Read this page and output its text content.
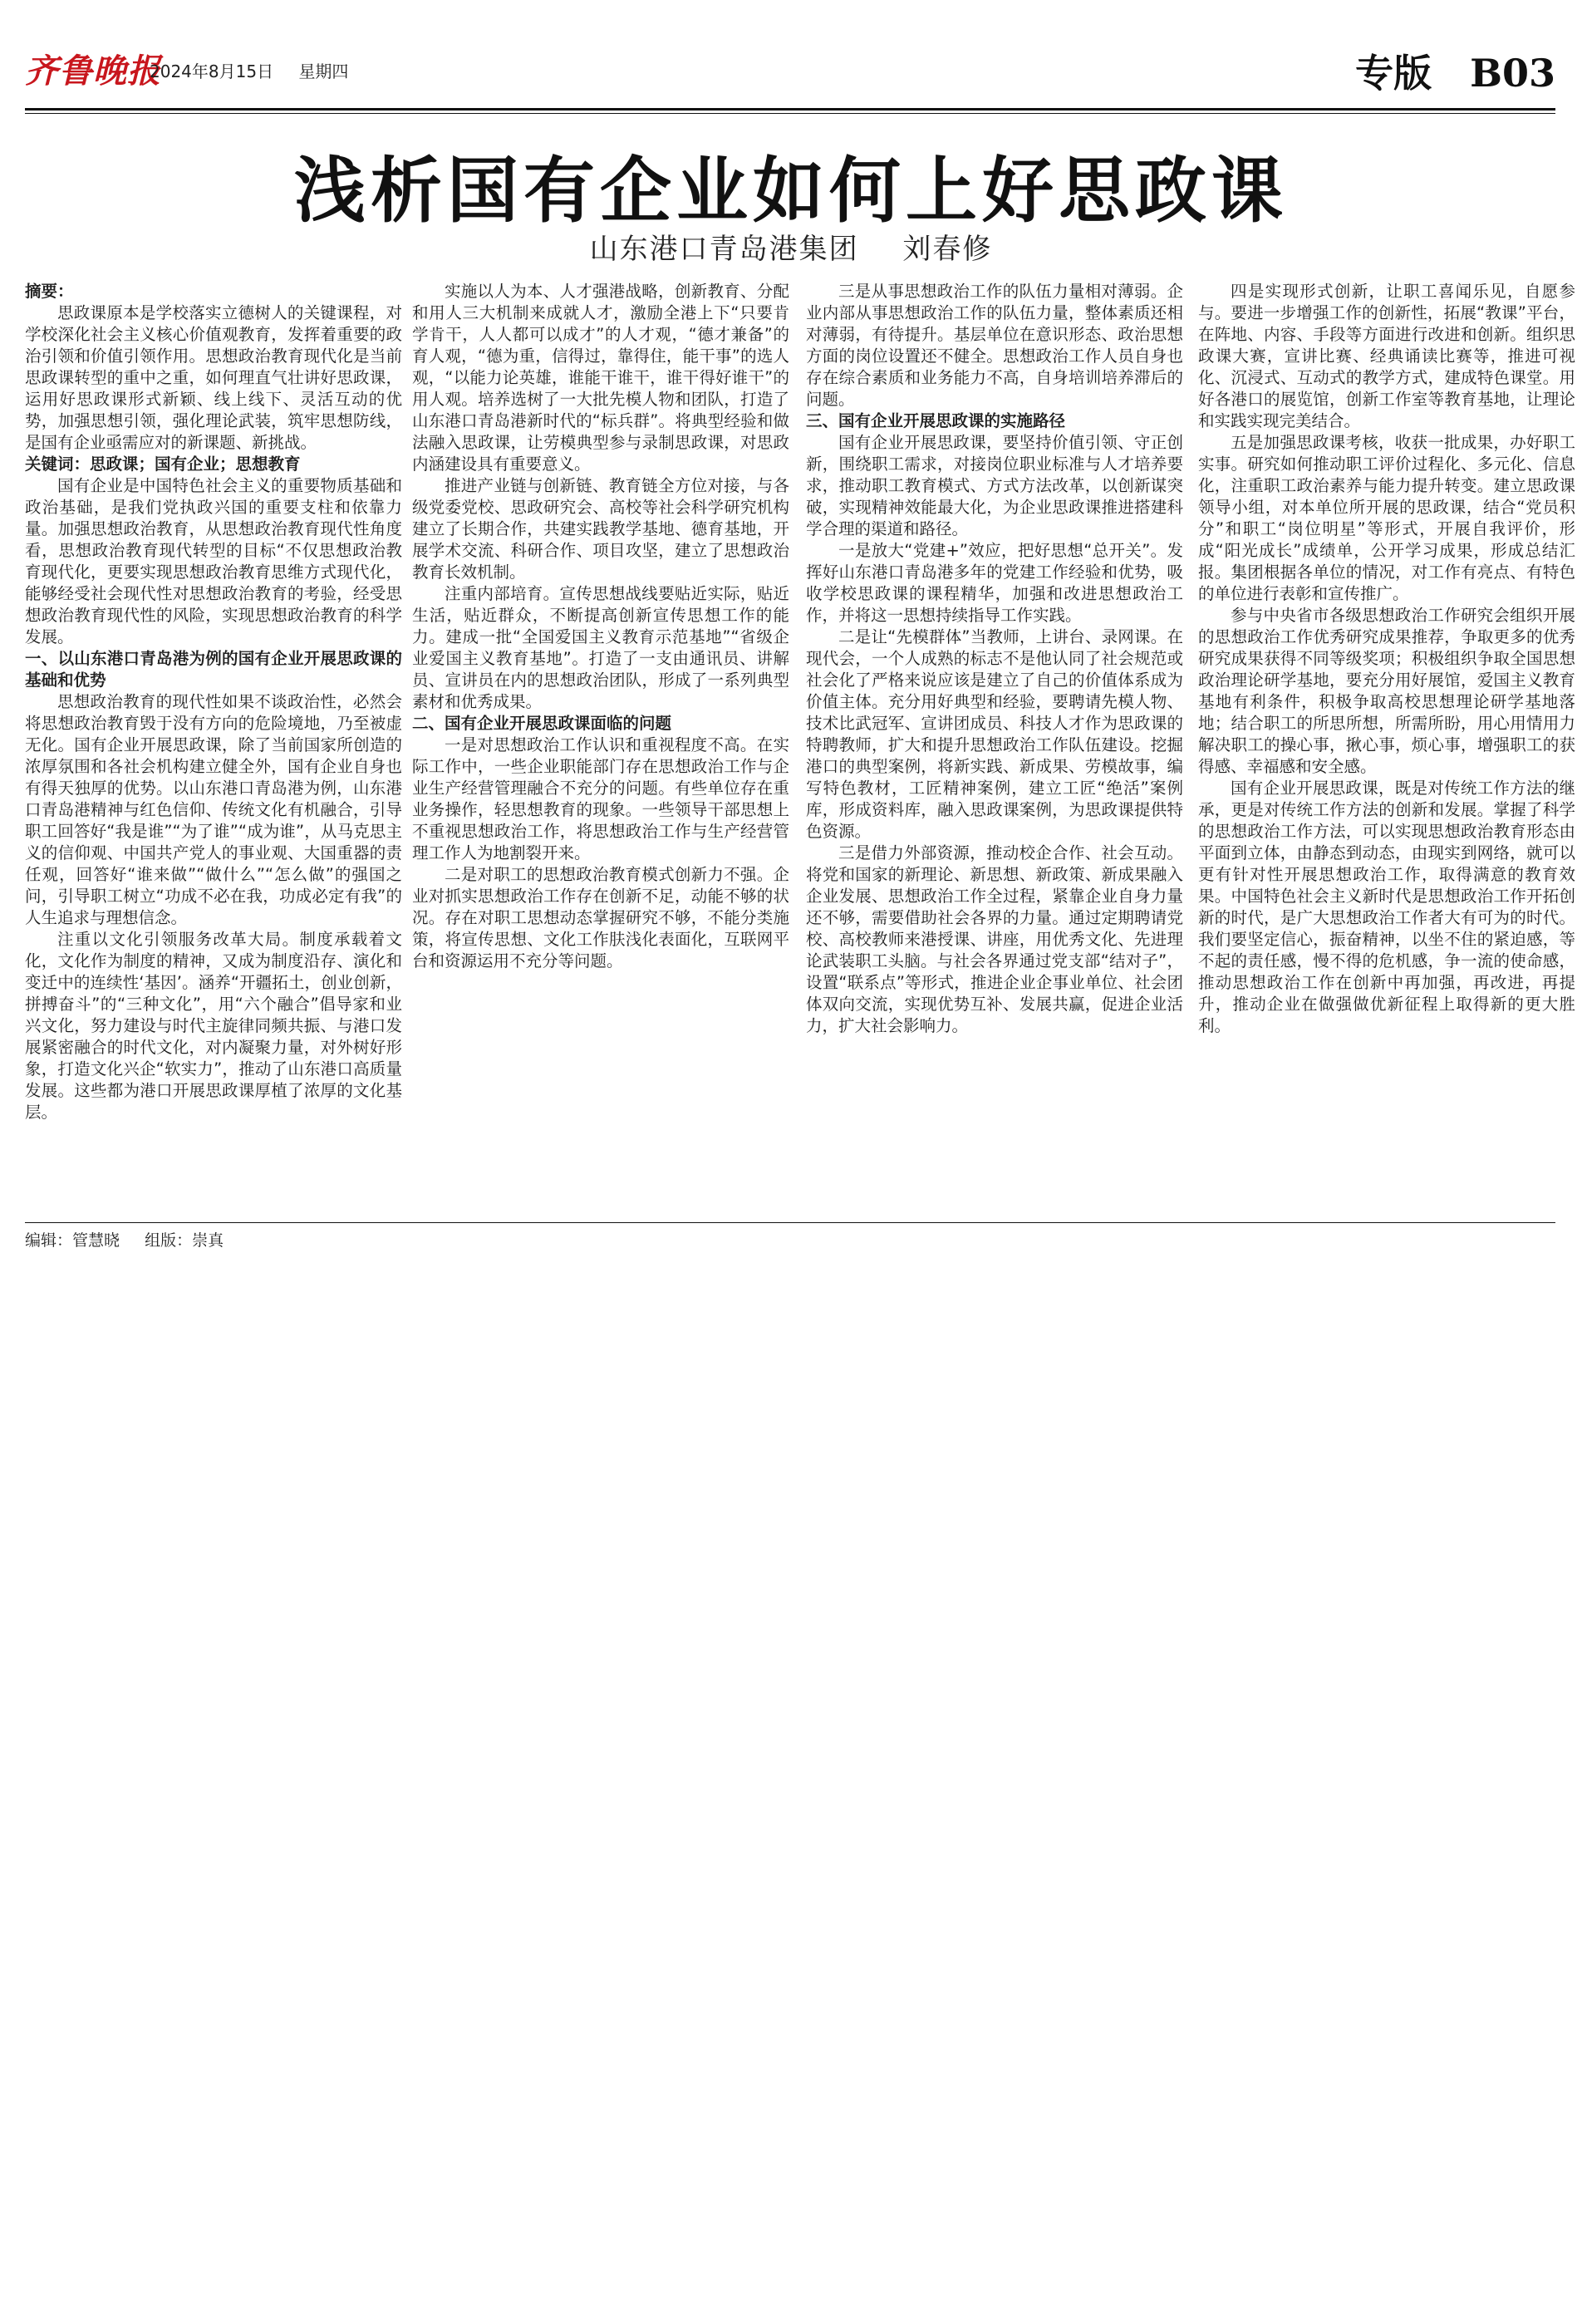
齐鲁晚报
2024年8月15日 星期四	专版 B03
浅析国有企业如何上好思政课
山东港口青岛港集团 刘春修

摘要：

思政课原本是学校落实立德树人的关键课程，对学校深化社会主义核心价值观教育，发挥着重要的政治引领和价值引领作用。思想政治教育现代化是当前思政课转型的重中之重，如何理直气壮讲好思政课，运用好思政课形式新颖、线上线下、灵活互动的优势，加强思想引领，强化理论武装，筑牢思想防线，是国有企业亟需应对的新课题、新挑战。

关键词：思政课；国有企业；思想教育

国有企业是中国特色社会主义的重要物质基础和政治基础，是我们党执政兴国的重要支柱和依靠力量。加强思想政治教育，从思想政治教育现代性角度看，思想政治教育现代转型的目标“不仅思想政治教育现代化，更要实现思想政治教育思维方式现代化，能够经受社会现代性对思想政治教育的考验，经受思想政治教育现代性的风险，实现思想政治教育的科学发展。

一、以山东港口青岛港为例的国有企业开展思政课的基础和优势

思想政治教育的现代性如果不谈政治性，必然会将思想政治教育毁于没有方向的危险境地，乃至被虚无化。国有企业开展思政课，除了当前国家所创造的浓厚氛围和各社会机构建立健全外，国有企业自身也有得天独厚的优势。以山东港口青岛港为例，山东港口青岛港精神与红色信仰、传统文化有机融合，引导职工回答好“我是谁”“为了谁”“成为谁”，从马克思主义的信仰观、中国共产党人的事业观、大国重器的责任观，回答好“谁来做”“做什么”“怎么做”的强国之问，引导职工树立“功成不必在我，功成必定有我”的人生追求与理想信念。

注重以文化引领服务改革大局。制度承载着文化，文化作为制度的精神，又成为制度沿存、演化和变迁中的连续性‘基因’。涵养“开疆拓土，创业创新，拼搏奋斗”的“三种文化”，用“六个融合”倡导家和业兴文化，努力建设与时代主旋律同频共振、与港口发展紧密融合的时代文化，对内凝聚力量，对外树好形象，打造文化兴企“软实力”，推动了山东港口高质量发展。这些都为港口开展思政课厚植了浓厚的文化基层。

实施以人为本、人才强港战略，创新教育、分配和用人三大机制来成就人才，激励全港上下“只要肯学肯干，人人都可以成才”的人才观，“德才兼备”的育人观，“德为重，信得过，靠得住，能干事”的选人观，“以能力论英雄，谁能干谁干，谁干得好谁干”的用人观。培养选树了一大批先模人物和团队，打造了山东港口青岛港新时代的“标兵群”。将典型经验和做法融入思政课，让劳模典型参与录制思政课，对思政内涵建设具有重要意义。

推进产业链与创新链、教育链全方位对接，与各级党委党校、思政研究会、高校等社会科学研究机构建立了长期合作，共建实践教学基地、德育基地，开展学术交流、科研合作、项目攻坚，建立了思想政治教育长效机制。

注重内部培育。宣传思想战线要贴近实际，贴近生活，贴近群众，不断提高创新宣传思想工作的能力。建成一批“全国爱国主义教育示范基地”“省级企业爱国主义教育基地”。打造了一支由通讯员、讲解员、宣讲员在内的思想政治团队，形成了一系列典型素材和优秀成果。

二、国有企业开展思政课面临的问题

一是对思想政治工作认识和重视程度不高。在实际工作中，一些企业职能部门存在思想政治工作与企业生产经营管理融合不充分的问题。有些单位存在重业务操作，轻思想教育的现象。一些领导干部思想上不重视思想政治工作，将思想政治工作与生产经营管理工作人为地割裂开来。

二是对职工的思想政治教育模式创新力不强。企业对抓实思想政治工作存在创新不足，动能不够的状况。存在对职工思想动态掌握研究不够，不能分类施策，将宣传思想、文化工作肤浅化表面化，互联网平台和资源运用不充分等问题。

三是从事思想政治工作的队伍力量相对薄弱。企业内部从事思想政治工作的队伍力量，整体素质还相对薄弱，有待提升。基层单位在意识形态、政治思想方面的岗位设置还不健全。思想政治工作人员自身也存在综合素质和业务能力不高，自身培训培养滞后的问题。

三、国有企业开展思政课的实施路径

国有企业开展思政课，要坚持价值引领、守正创新，围绕职工需求，对接岗位职业标准与人才培养要求，推动职工教育模式、方式方法改革，以创新谋突破，实现精神效能最大化，为企业思政课推进搭建科学合理的渠道和路径。

一是放大“党建+”效应，把好思想“总开关”。发挥好山东港口青岛港多年的党建工作经验和优势，吸收学校思政课的课程精华，加强和改进思想政治工作，并将这一思想持续指导工作实践。

二是让“先模群体”当教师，上讲台、录网课。在现代会，一个人成熟的标志不是他认同了社会规范或社会化了严格来说应该是建立了自己的价值体系成为价值主体。充分用好典型和经验，要聘请先模人物、技术比武冠军、宣讲团成员、科技人才作为思政课的特聘教师，扩大和提升思想政治工作队伍建设。挖掘港口的典型案例，将新实践、新成果、劳模故事，编写特色教材，工匠精神案例，建立工匠“绝活”案例库，形成资料库，融入思政课案例，为思政课提供特色资源。

三是借力外部资源，推动校企合作、社会互动。将党和国家的新理论、新思想、新政策、新成果融入企业发展、思想政治工作全过程，紧靠企业自身力量还不够，需要借助社会各界的力量。通过定期聘请党校、高校教师来港授课、讲座，用优秀文化、先进理论武装职工头脑。与社会各界通过党支部“结对子”，设置“联系点”等形式，推进企业企事业单位、社会团体双向交流，实现优势互补、发展共赢，促进企业活力，扩大社会影响力。

四是实现形式创新，让职工喜闻乐见，自愿参与。要进一步增强工作的创新性，拓展“教课”平台，在阵地、内容、手段等方面进行改进和创新。组织思政课大赛，宣讲比赛、经典诵读比赛等，推进可视化、沉浸式、互动式的教学方式，建成特色课堂。用好各港口的展览馆，创新工作室等教育基地，让理论和实践实现完美结合。

五是加强思政课考核，收获一批成果，办好职工实事。研究如何推动职工评价过程化、多元化、信息化，注重职工政治素养与能力提升转变。建立思政课领导小组，对本单位所开展的思政课，结合“党员积分”和职工“岗位明星”等形式，开展自我评价，形成“阳光成长”成绩单，公开学习成果，形成总结汇报。集团根据各单位的情况，对工作有亮点、有特色的单位进行表彰和宣传推广。

参与中央省市各级思想政治工作研究会组织开展的思想政治工作优秀研究成果推荐，争取更多的优秀研究成果获得不同等级奖项；积极组织争取全国思想政治理论研学基地，要充分用好展馆，爱国主义教育基地有利条件，积极争取高校思想理论研学基地落地；结合职工的所思所想，所需所盼，用心用情用力解决职工的操心事，揪心事，烦心事，增强职工的获得感、幸福感和安全感。

国有企业开展思政课，既是对传统工作方法的继承，更是对传统工作方法的创新和发展。掌握了科学的思想政治工作方法，可以实现思想政治教育形态由平面到立体，由静态到动态，由现实到网络，就可以更有针对性开展思想政治工作，取得满意的教育效果。中国特色社会主义新时代是思想政治工作开拓创新的时代，是广大思想政治工作者大有可为的时代。我们要坚定信心，振奋精神，以坐不住的紧迫感，等不起的责任感，慢不得的危机感，争一流的使命感，推动思想政治工作在创新中再加强，再改进，再提升，推动企业在做强做优新征程上取得新的更大胜利。

编辑：管慧晓 组版：崇真
